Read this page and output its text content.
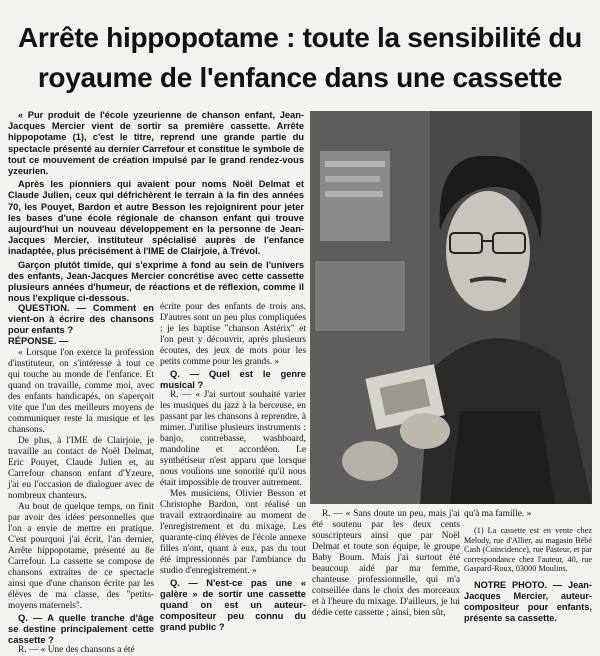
Arrête hippopotame : toute la sensibilité du royaume de l'enfance dans une cassette

« Pur produit de l'école yzeurienne de chanson enfant, Jean-Jacques Mercier vient de sortir sa première cassette. Arrête hippopotame (1), c'est le titre, reprend une grande partie du spectacle présenté au dernier Carrefour et constitue le symbole de tout ce mouvement de création impulsé par le grand rendez-vous yzeurien.

Après les pionniers qui avaient pour noms Noël Delmat et Claude Julien, ceux qui défrichèrent le terrain à la fin des années 70, les Pouyet, Bardon et autre Besson les rejoignirent pour jeter les bases d'une école régionale de chanson enfant qui trouve aujourd'hui un nouveau développement en la personne de Jean-Jacques Mercier, instituteur spécialisé auprès de l'enfance inadaptée, plus précisément à l'IME de Clairjoie, à Trévol.

Garçon plutôt timide, qui s'exprime à fond au sein de l'univers des enfants, Jean-Jacques Mercier concrétise avec cette cassette plusieurs années d'humeur, de réactions et de réflexion, comme il nous l'explique ci-dessous.

QUESTION. — Comment en vient-on à écrire des chansons pour enfants ?

RÉPONSE. —

« Lorsque l'on exerce la profession d'instituteur, on s'intéresse à tout ce qui touche au monde de l'enfance. Et quand on travaille, comme moi, avec des enfants handicapés, on s'aperçoit vite que l'un des meilleurs moyens de communiquer reste la musique et les chansons.

De plus, à l'IME de Clairjoie, je travaille au contact de Noël Delmat, Eric Pouyet, Claude Julien et, au Carrefour chanson enfant d'Yzeure, j'ai eu l'occasion de dialoguer avec de nombreux chanteurs.

Au bout de quelque temps, on finit par avoir des idées personnelles que l'on a envie de mettre en pratique. C'est pourquoi j'ai écrit, l'an dernier, Arrête hippopotame, présenté au 8e Carrefour. La cassette se compose de chansons extraites de ce spectacle ainsi que d'une chanson écrite par les élèves de ma classe, des "petits-moyens maternels".

Q. — A quelle tranche d'âge se destine principalement cette cassette ?

R. — « Une des chansons a été

écrite pour des enfants de trois ans. D'autres sont un peu plus compliquées ; je les baptise "chanson Astérix" et l'on peut y découvrir, après plusieurs écoutes, des jeux de mots pour les petits comme pour les grands. »

Q. — Quel est le genre musical ?

R. — « J'ai surtout souhaité varier les musiques du jazz à la berceuse, en passant par les chansons à reprendre, à mimer. J'utilise plusieurs instruments : banjo, contrebasse, washboard, mandoline et accordéon. Le synthétiseur n'est apparu que lorsque nous voulions une sonorité qu'il nous était impossible de trouver autrement.

Mes musiciens, Olivier Besson et Christophe Bardon, ont réalisé un travail extraordinaire au moment de l'enregistrement et du mixage. Les quarante-cinq élèves de l'école annexe filles n'ont, quant à eux, pas du tout été impressionnés par l'ambiance du studio d'enregistrement. »

Q. — N'est-ce pas une « galère » de sortir une cassette quand on est un auteur-compositeur peu connu du grand public ?

R. — « Sans doute un peu, mais j'ai été soutenu par les deux cents souscripteurs ainsi que par Noël Delmat et toute son équipe, le groupe Baby Boum. Mais j'ai surtout été beaucoup aidé par ma femme, chanteuse professionnelle, qui m'a conseillée dans le choix des morceaux et à l'heure du mixage. D'ailleurs, je lui dédie cette cassette ; ainsi, bien sûr,

qu'à ma famille. »

(1) La cassette est en vente chez Melody, rue d'Allier, au magasin Bébé Cash (Coïncidence), rue Pasteur, et par correspondance chez l'auteur, 40, rue Gaspard-Roux, 03000 Moulins.

NOTRE PHOTO. — Jean-Jacques Mercier, auteur-compositeur pour enfants, présente sa cassette.
